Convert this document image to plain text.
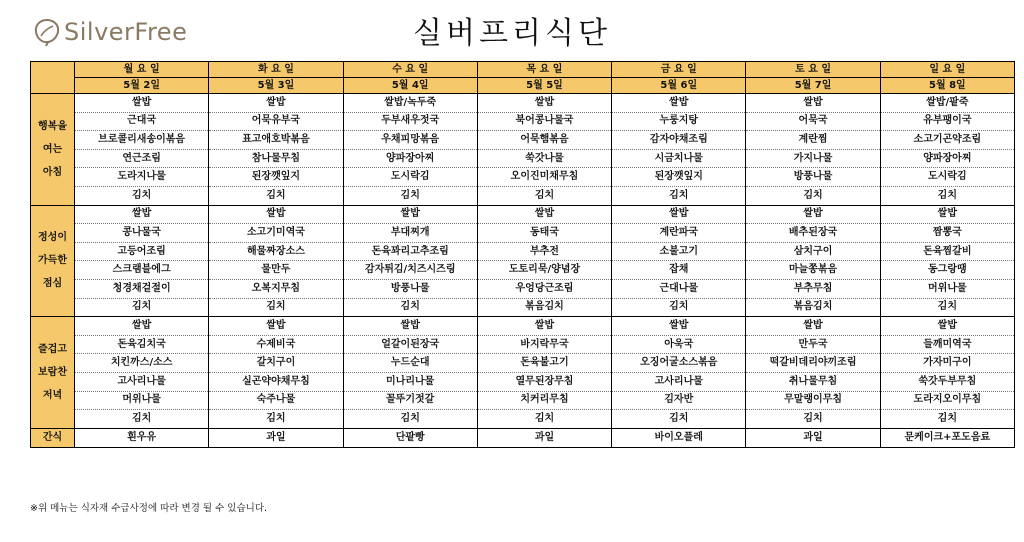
SilverFree	실버프리식단
	월 요 일	화 요 일	수 요 일	목 요 일	금 요 일	토 요 일	일 요 일
	5월 2일	5월 3일	5월 4일	5월 5일	5월 6일	5월 7일	5월 8일

행복을
여는
아침	쌀밥	쌀밥	쌀밥/녹두죽	쌀밥	쌀밥	쌀밥	쌀밥/팥죽
	근대국	어묵유부국	두부새우젓국	북어콩나물국	누룽지탕	어묵국	유부팽이국
	브로콜리새송이볶음	표고애호박볶음	우채피망볶음	어묵햄볶음	감자야채조림	계란찜	소고기곤약조림
	연근조림	참나물무침	양파장아찌	쑥갓나물	시금치나물	가지나물	양파장아찌
	도라지나물	된장깻잎지	도시락김	오이진미채무침	된장깻잎지	방풍나물	도시락김
	김치	김치	김치	김치	김치	김치	김치

정성이
가득한
점심	쌀밥	쌀밥	쌀밥	쌀밥	쌀밥	쌀밥	쌀밥
	콩나물국	소고기미역국	부대찌개	동태국	계란파국	배추된장국	짬뽕국
	고등어조림	해물짜장소스	돈육꽈리고추조림	부추전	소불고기	삼치구이	돈육찜갈비
	스크램블에그	물만두	감자튀김/치즈시즈링	도토리묵/양념장	잡채	마늘쫑볶음	동그랑땡
	청경채겉절이	오복지무침	방풍나물	우엉당근조림	근대나물	부추무침	머위나물
	김치	김치	김치	볶음김치	김치	볶음김치	김치

즐겁고
보람찬
저녁	쌀밥	쌀밥	쌀밥	쌀밥	쌀밥	쌀밥	쌀밥
	돈육김치국	수제비국	얼갈이된장국	바지락무국	아욱국	만두국	들깨미역국
	치킨까스/소스	갈치구이	누드순대	돈육불고기	오징어굴소스볶음	떡갈비데리야끼조림	가자미구이
	고사리나물	실곤약야채무침	미나리나물	열무된장무침	고사리나물	취나물무침	쑥갓두부무침
	머위나물	숙주나물	꼴뚜기젓갈	치커리무침	김자반	무말랭이무침	도라지오이무침
	김치	김치	김치	김치	김치	김치	김치
간식	흰우유	과일	단팥빵	과일	바이오플레	과일	문케이크+포도음료
※위 메뉴는 식자재 수급사정에 따라 변경 될 수 있습니다.
